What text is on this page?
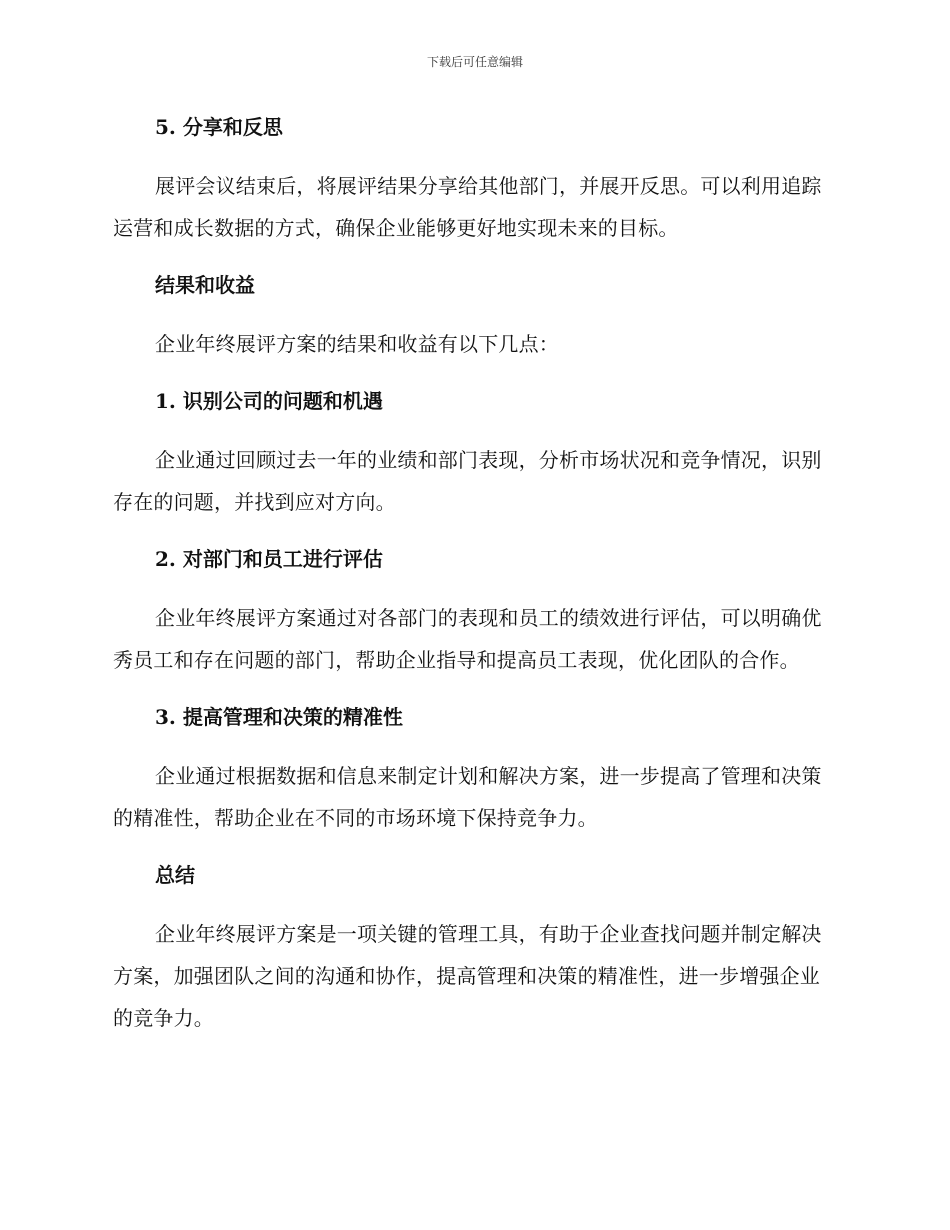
下载后可任意编辑
5. 分享和反思

展评会议结束后，将展评结果分享给其他部门，并展开反思。可以利用追踪运营和成长数据的方式，确保企业能够更好地实现未来的目标。

结果和收益

企业年终展评方案的结果和收益有以下几点：

1. 识别公司的问题和机遇

企业通过回顾过去一年的业绩和部门表现，分析市场状况和竞争情况，识别存在的问题，并找到应对方向。

2. 对部门和员工进行评估

企业年终展评方案通过对各部门的表现和员工的绩效进行评估，可以明确优秀员工和存在问题的部门，帮助企业指导和提高员工表现，优化团队的合作。

3. 提高管理和决策的精准性

企业通过根据数据和信息来制定计划和解决方案，进一步提高了管理和决策的精准性，帮助企业在不同的市场环境下保持竞争力。

总结

企业年终展评方案是一项关键的管理工具，有助于企业查找问题并制定解决方案，加强团队之间的沟通和协作，提高管理和决策的精准性，进一步增强企业的竞争力。
